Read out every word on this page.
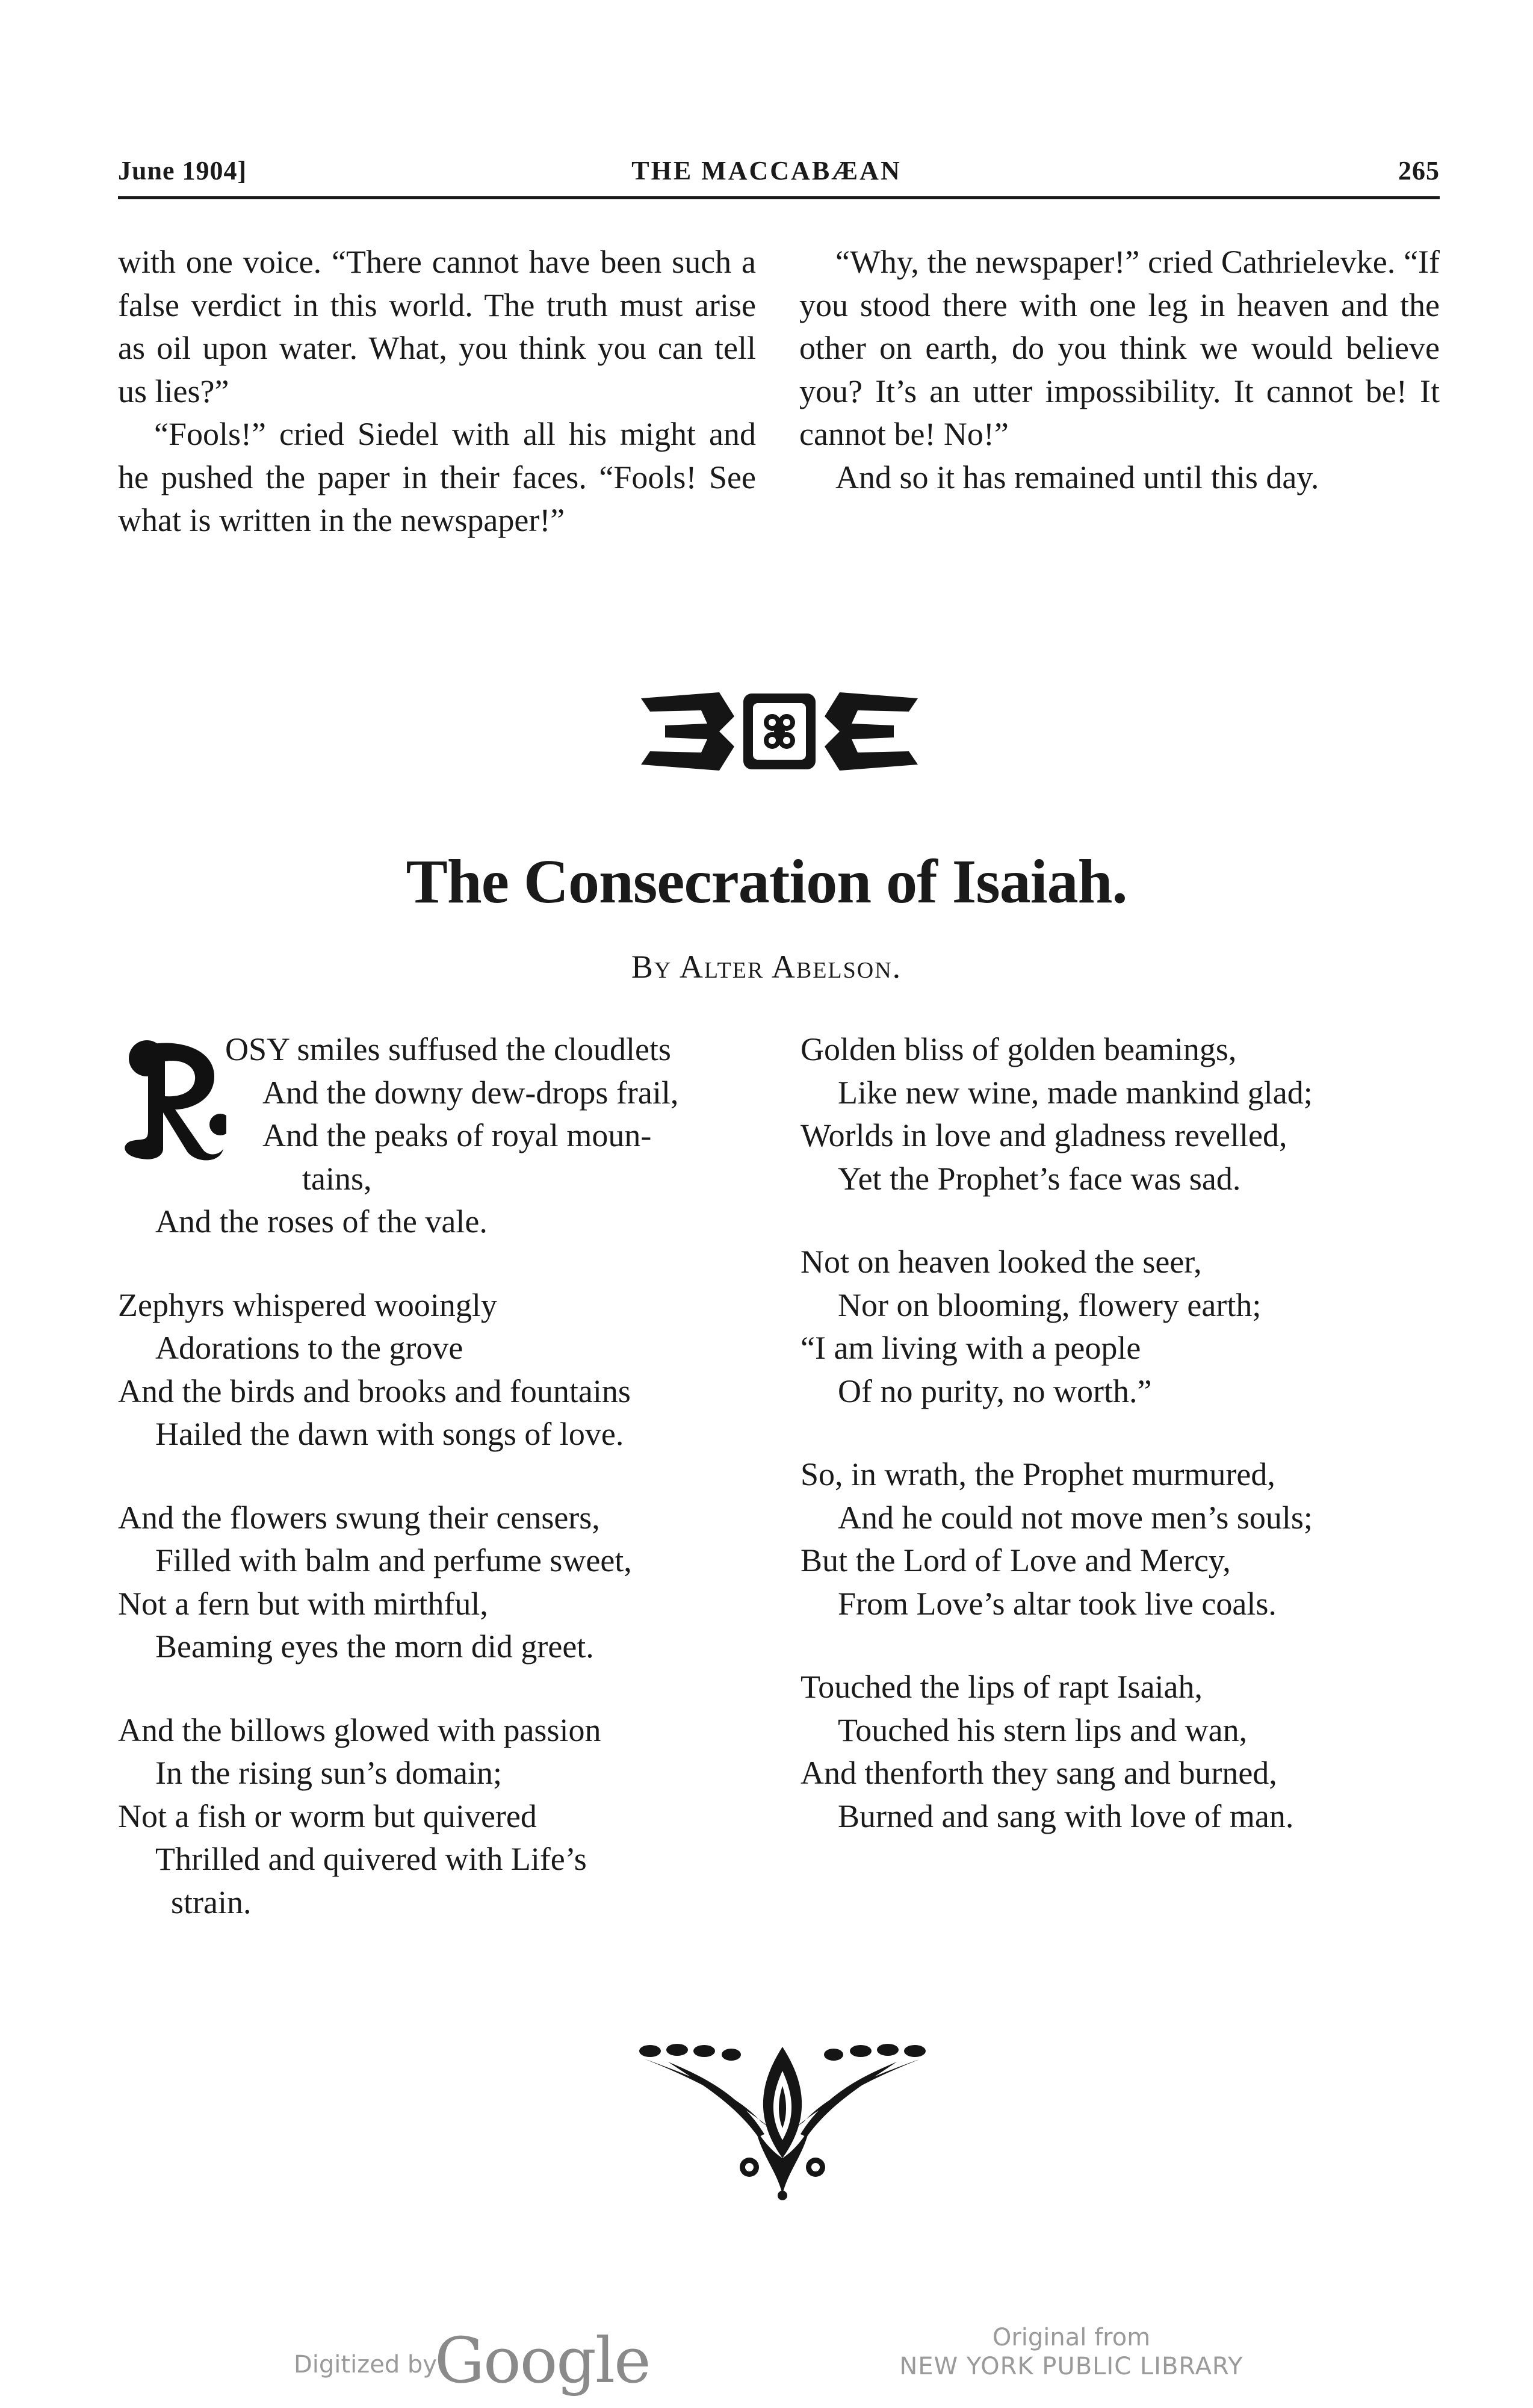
June 1904]	THE MACCABÆAN	265

with one voice. “There cannot have been such a false verdict in this world. The truth must arise as oil upon water. What, you think you can tell us lies?”

“Fools!” cried Siedel with all his might and he pushed the paper in their faces. “Fools! See what is written in the newspaper!”

“Why, the newspaper!” cried Cathrielevke. “If you stood there with one leg in heaven and the other on earth, do you think we would believe you? It’s an utter impossibility. It cannot be! It cannot be! No!”

And so it has remained until this day.

The Consecration of Isaiah.
By Alter Abelson.
OSY smiles suffused the cloudlets
And the downy dew-drops frail,
And the peaks of royal moun-
tains,
And the roses of the vale.
Zephyrs whispered wooingly
Adorations to the grove
And the birds and brooks and fountains
Hailed the dawn with songs of love.
And the flowers swung their censers,
Filled with balm and perfume sweet,
Not a fern but with mirthful,
Beaming eyes the morn did greet.
And the billows glowed with passion
In the rising sun’s domain;
Not a fish or worm but quivered
Thrilled and quivered with Life’s
strain.
Golden bliss of golden beamings,
Like new wine, made mankind glad;
Worlds in love and gladness revelled,
Yet the Prophet’s face was sad.
Not on heaven looked the seer,
Nor on blooming, flowery earth;
“I am living with a people
Of no purity, no worth.”
So, in wrath, the Prophet murmured,
And he could not move men’s souls;
But the Lord of Love and Mercy,
From Love’s altar took live coals.
Touched the lips of rapt Isaiah,
Touched his stern lips and wan,
And thenforth they sang and burned,
Burned and sang with love of man.
Digitized by
Google	Original from
NEW YORK PUBLIC LIBRARY
